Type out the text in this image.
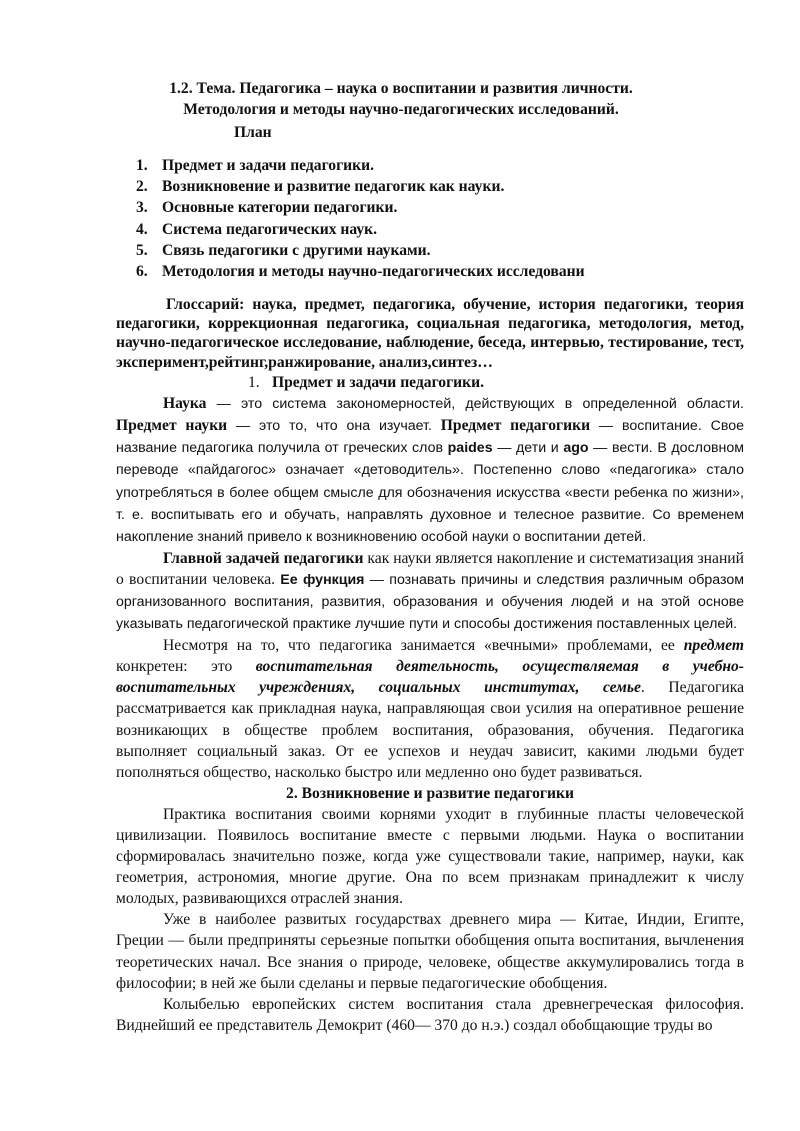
1.2. Тема. Педагогика – наука о воспитании и развития личности.
Методология и методы научно-педагогических исследований.
План
1. Предмет и задачи педагогики.
2. Возникновение и развитие педагогик как науки.
3. Основные категории педагогики.
4. Система педагогических наук.
5. Связь педагогики с другими науками.
6. Методология и методы научно-педагогических исследовани
Глоссарий: наука, предмет, педагогика, обучение, история педагогики, теория педагогики, коррекционная педагогика, социальная педагогика, методология, метод, научно-педагогическое исследование, наблюдение, беседа, интервью, тестирование, тест, эксперимент,рейтинг,ранжирование, анализ,синтез…
1. Предмет и задачи педагогики.

Наука — это система закономерностей, действующих в определенной области. Предмет науки — это то, что она изучает. Предмет педагогики — воспитание. Свое название педагогика получила от греческих слов paides — дети и ago — вести. В дословном переводе «пайдагогос» означает «детоводитель». Постепенно слово «педагогика» стало употребляться в более общем смысле для обозначения искусства «вести ребенка по жизни», т. е. воспитывать его и обучать, направлять духовное и телесное развитие. Со временем накопление знаний привело к возникновению особой науки о воспитании детей.

Главной задачей педагогики как науки является накопление и систематизация знаний о воспитании человека. Ее функция — познавать причины и следствия различным образом организованного воспитания, развития, образования и обучения людей и на этой основе указывать педагогической практике лучшие пути и способы достижения поставленных целей.

Несмотря на то, что педагогика занимается «вечными» проблемами, ее предмет конкретен: это воспитательная деятельность, осуществляемая в учебно-воспитательных учреждениях, социальных институтах, семье. Педагогика рассматривается как прикладная наука, направляющая свои усилия на оперативное решение возникающих в обществе проблем воспитания, образования, обучения. Педагогика выполняет социальный заказ. От ее успехов и неудач зависит, какими людьми будет пополняться общество, насколько быстро или медленно оно будет развиваться.

2. Возникновение и развитие педагогики

Практика воспитания своими корнями уходит в глубинные пласты человеческой цивилизации. Появилось воспитание вместе с первыми людьми. Наука о воспитании сформировалась значительно позже, когда уже существовали такие, например, науки, как геометрия, астрономия, многие другие. Она по всем признакам принадлежит к числу молодых, развивающихся отраслей знания.

Уже в наиболее развитых государствах древнего мира — Китае, Индии, Египте, Греции — были предприняты серьезные попытки обобщения опыта воспитания, вычленения теоретических начал. Все знания о природе, человеке, обществе аккумулировались тогда в философии; в ней же были сделаны и первые педагогические обобщения.

Колыбелью европейских систем воспитания стала древнегреческая философия. Виднейший ее представитель Демокрит (460— 370 до н.э.) создал обобщающие труды во
